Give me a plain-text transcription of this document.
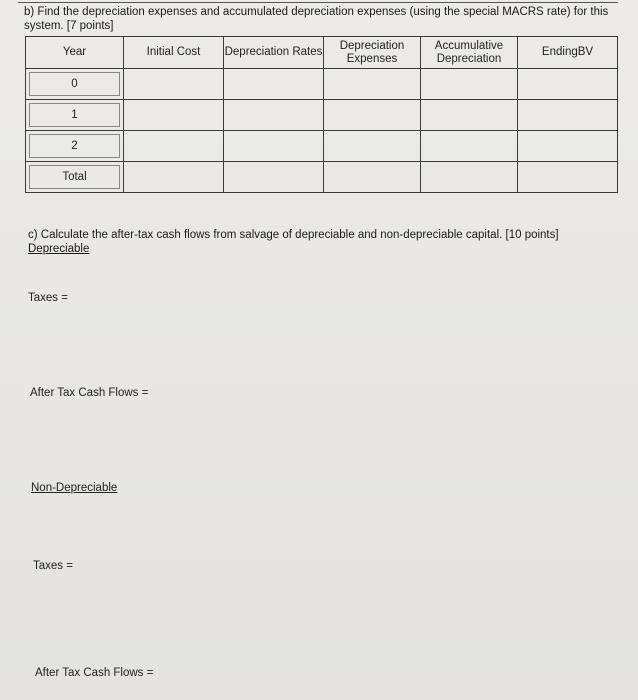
b) Find the depreciation expenses and accumulated depreciation expenses (using the special MACRS rate) for this system. [7 points]
Year	Initial Cost	Depreciation Rates	Depreciation Expenses	Accumulative Depreciation	EndingBV

0					

1					

2					

Total					

c) Calculate the after-tax cash flows from salvage of depreciable and non-depreciable capital. [10 points]
Depreciable
Taxes =
After Tax Cash Flows =
Non-Depreciable
Taxes =
After Tax Cash Flows =
